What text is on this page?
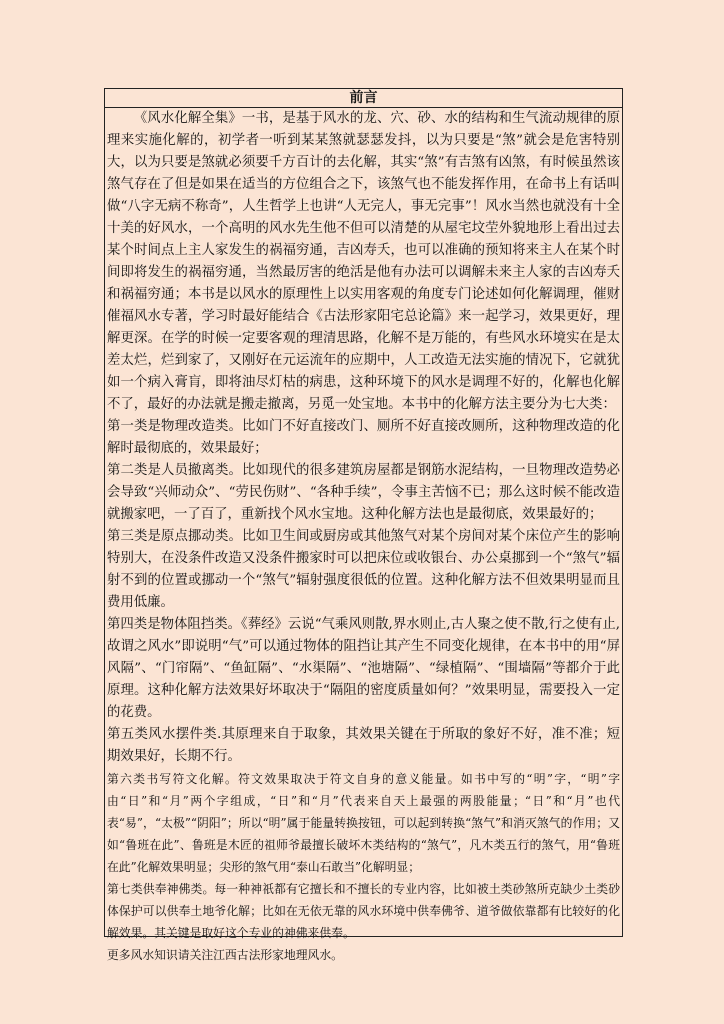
前言

《风水化解全集》一书，是基于风水的龙、穴、砂、水的结构和生气流动规律的原理来实施化解的，初学者一听到某某煞就瑟瑟发抖，以为只要是“煞”就会是危害特别大，以为只要是煞就必须要千方百计的去化解，其实“煞”有吉煞有凶煞，有时候虽然该煞气存在了但是如果在适当的方位组合之下，该煞气也不能发挥作用，在命书上有话叫做“八字无病不称奇”，人生哲学上也讲“人无完人，事无完事”！风水当然也就没有十全十美的好风水，一个高明的风水先生他不但可以清楚的从屋宅坟茔外貌地形上看出过去某个时间点上主人家发生的祸福穷通，吉凶寿夭，也可以准确的预知将来主人在某个时间即将发生的祸福穷通，当然最厉害的绝活是他有办法可以调解未来主人家的吉凶寿夭和祸福穷通；本书是以风水的原理性上以实用客观的角度专门论述如何化解调理，催财催福风水专著，学习时最好能结合《古法形家阳宅总论篇》来一起学习，效果更好，理解更深。在学的时候一定要客观的理清思路，化解不是万能的，有些风水环境实在是太差太烂，烂到家了，又刚好在元运流年的应期中，人工改造无法实施的情况下，它就犹如一个病入膏肓，即将油尽灯枯的病患，这种环境下的风水是调理不好的，化解也化解不了，最好的办法就是搬走撤离，另觅一处宝地。本书中的化解方法主要分为七大类：

第一类是物理改造类。比如门不好直接改门、厕所不好直接改厕所，这种物理改造的化解时最彻底的，效果最好；

第二类是人员撤离类。比如现代的很多建筑房屋都是钢筋水泥结构，一旦物理改造势必会导致“兴师动众”、“劳民伤财”、“各种手续”，令事主苦恼不已；那么这时候不能改造就搬家吧，一了百了，重新找个风水宝地。这种化解方法也是最彻底，效果最好的；

第三类是原点挪动类。比如卫生间或厨房或其他煞气对某个房间对某个床位产生的影响特别大，在没条件改造又没条件搬家时可以把床位或收银台、办公桌挪到一个“煞气”辐射不到的位置或挪动一个“煞气”辐射强度很低的位置。这种化解方法不但效果明显而且费用低廉。

第四类是物体阻挡类。《葬经》云说“气乘风则散,界水则止,古人聚之使不散,行之使有止,故谓之风水”即说明“气”可以通过物体的阻挡让其产生不同变化规律，在本书中的用“屏风隔”、“门帘隔”、“鱼缸隔”、“水渠隔”、“池塘隔”、“绿植隔”、“围墙隔”等都介于此原理。这种化解方法效果好坏取决于“隔阻的密度质量如何？”效果明显，需要投入一定的花费。

第五类风水摆件类.其原理来自于取象，其效果关键在于所取的象好不好，准不准；短期效果好，长期不行。

第六类书写符文化解。符文效果取决于符文自身的意义能量。如书中写的“明”字，“明”字由“日”和“月”两个字组成，“日”和“月”代表来自天上最强的两股能量；“日”和“月”也代表“易”，“太极”“阴阳”；所以“明”属于能量转换按钮，可以起到转换“煞气”和消灭煞气的作用；又如“鲁班在此”、鲁班是木匠的祖师爷最擅长破坏木类结构的“煞气”，凡木类五行的煞气，用“鲁班在此”化解效果明显；尖形的煞气用“泰山石敢当”化解明显；

第七类供奉神佛类。每一种神祇都有它擅长和不擅长的专业内容，比如被土类砂煞所克缺少土类砂体保护可以供奉土地爷化解；比如在无依无靠的风水环境中供奉佛爷、道爷做依靠都有比较好的化解效果。其关键是取好这个专业的神佛来供奉。

更多风水知识请关注江西古法形家地理风水。
